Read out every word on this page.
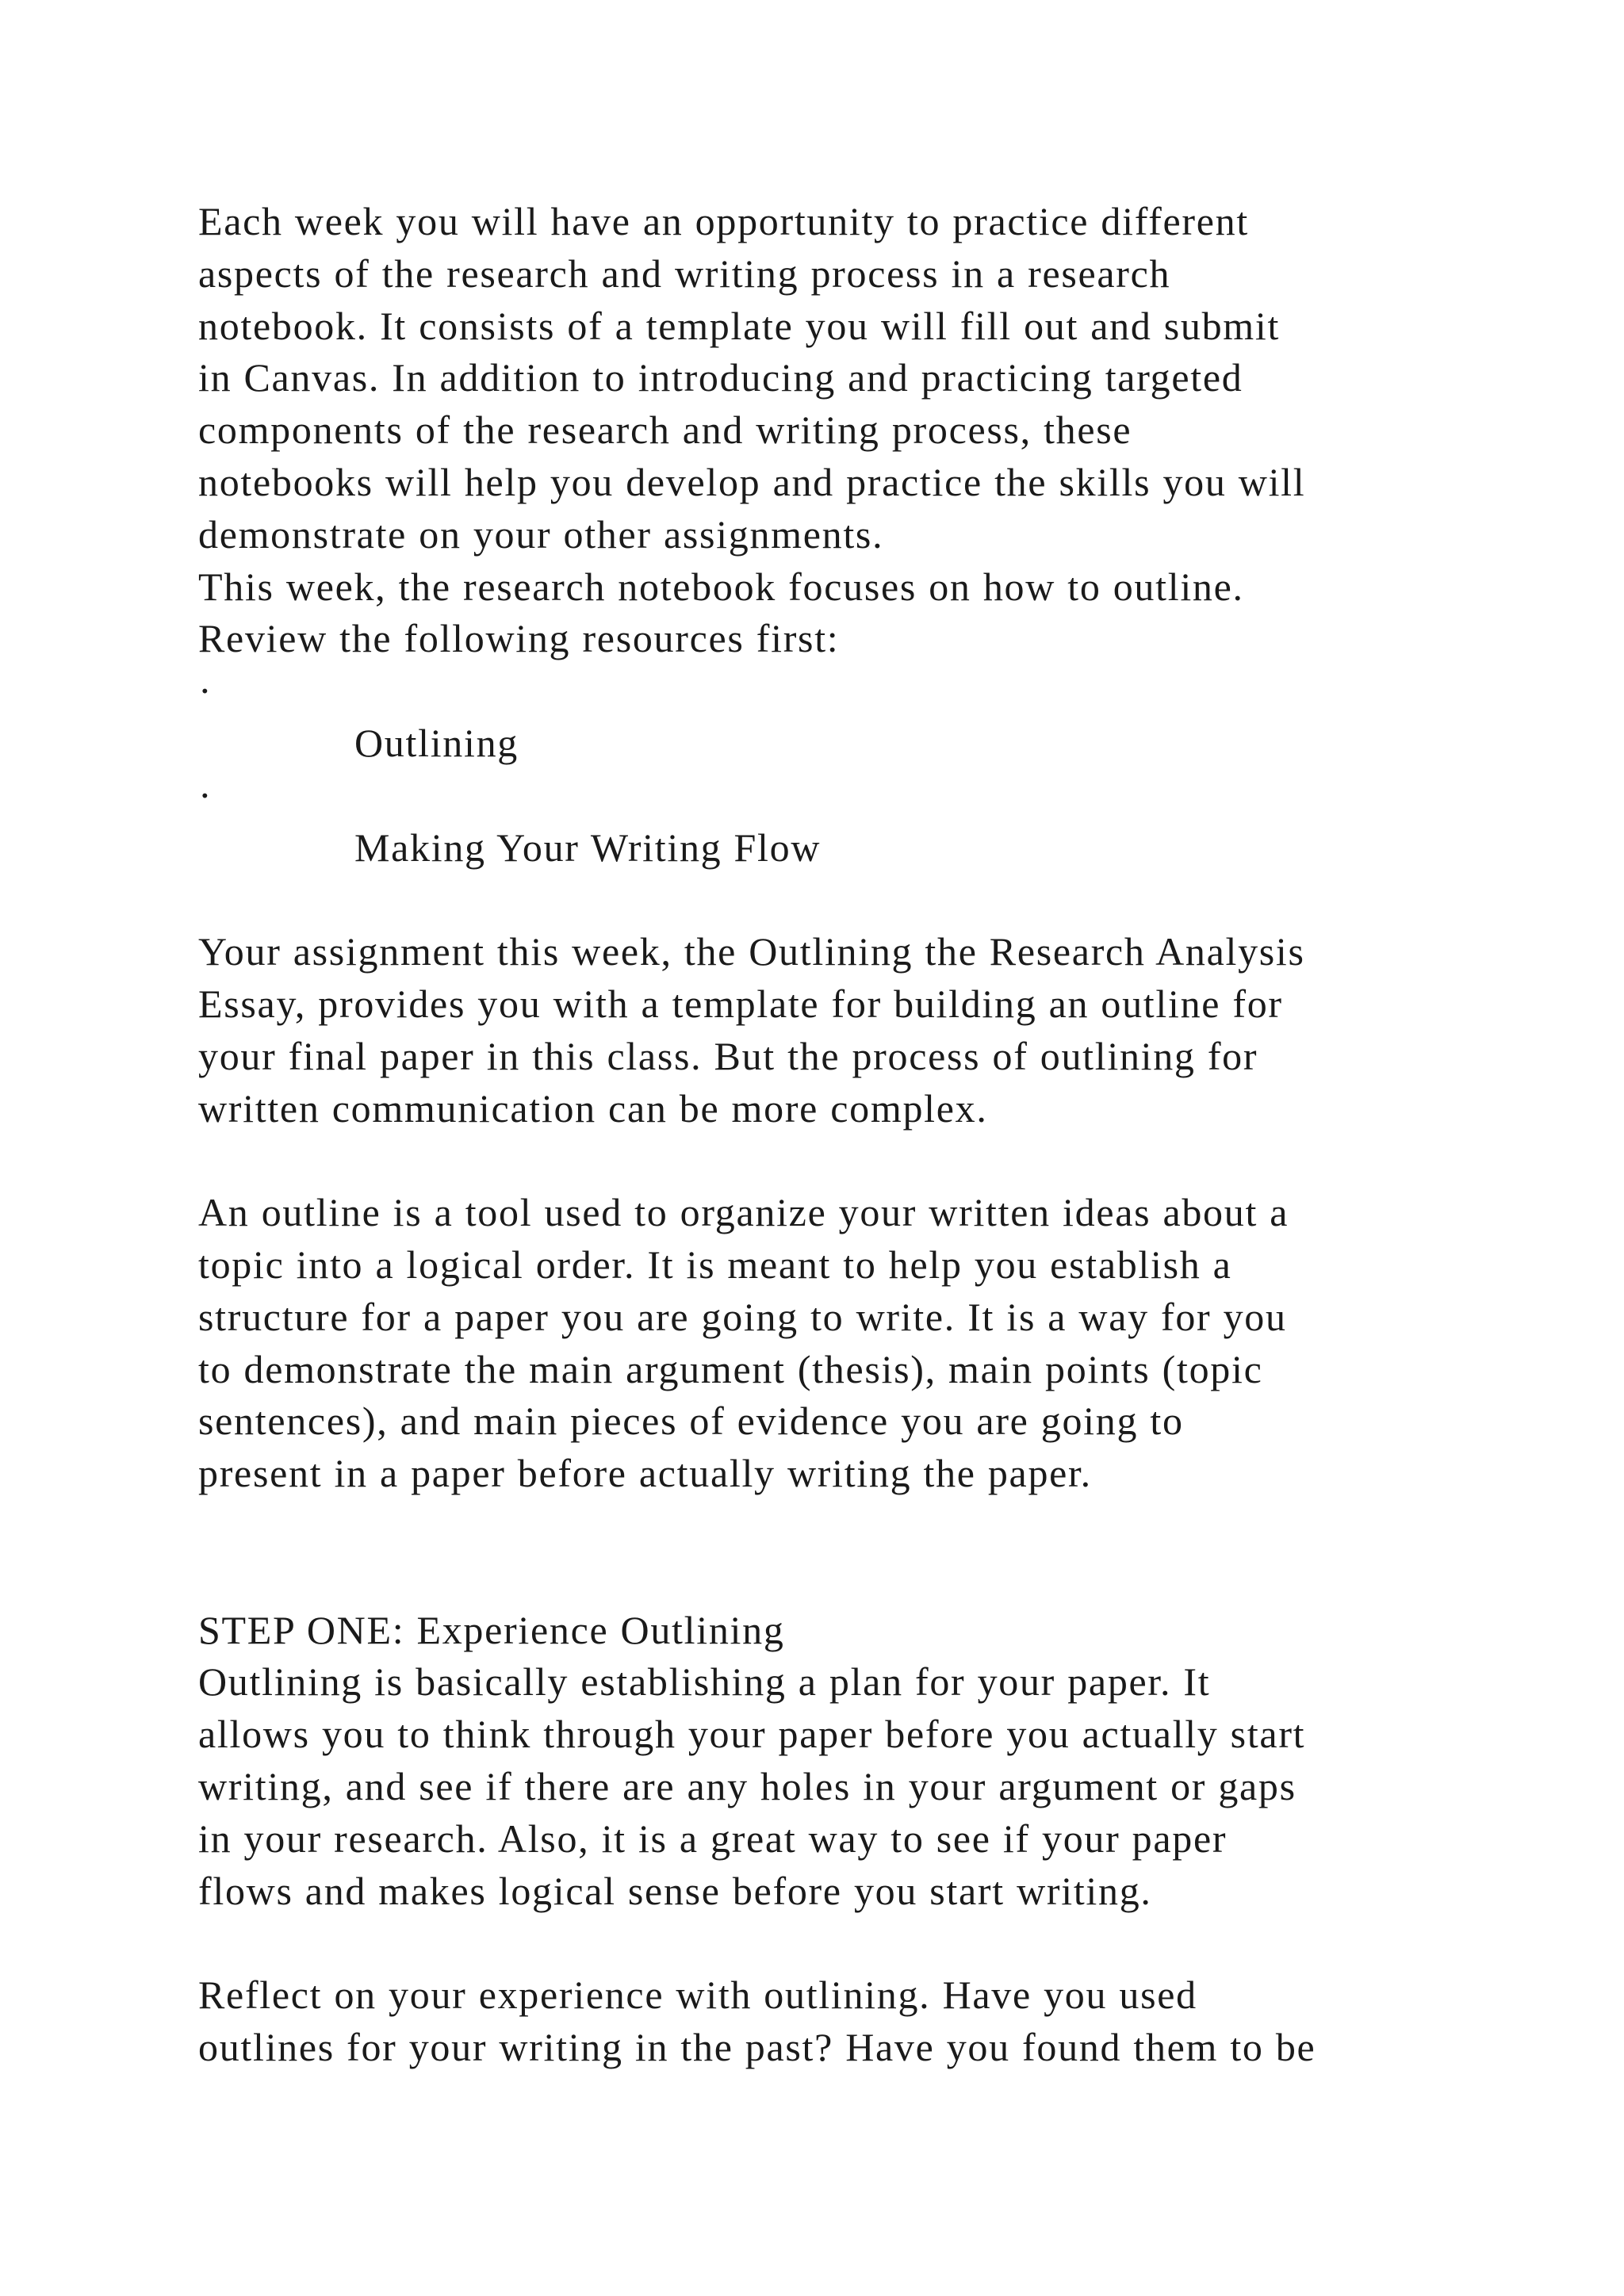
Each week you will have an opportunity to practice different
aspects of the research and writing process in a research
notebook. It consists of a template you will fill out and submit
in Canvas. In addition to introducing and practicing targeted
components of the research and writing process, these
notebooks will help you develop and practice the skills you will
demonstrate on your other assignments.
This week, the research notebook focuses on how to outline.
Review the following resources first:
·
Outlining
·
Making Your Writing Flow
Your assignment this week, the Outlining the Research Analysis
Essay, provides you with a template for building an outline for
your final paper in this class. But the process of outlining for
written communication can be more complex.
An outline is a tool used to organize your written ideas about a
topic into a logical order. It is meant to help you establish a
structure for a paper you are going to write. It is a way for you
to demonstrate the main argument (thesis), main points (topic
sentences), and main pieces of evidence you are going to
present in a paper before actually writing the paper.
STEP ONE: Experience Outlining
Outlining is basically establishing a plan for your paper. It
allows you to think through your paper before you actually start
writing, and see if there are any holes in your argument or gaps
in your research. Also, it is a great way to see if your paper
flows and makes logical sense before you start writing.
Reflect on your experience with outlining. Have you used
outlines for your writing in the past? Have you found them to be
